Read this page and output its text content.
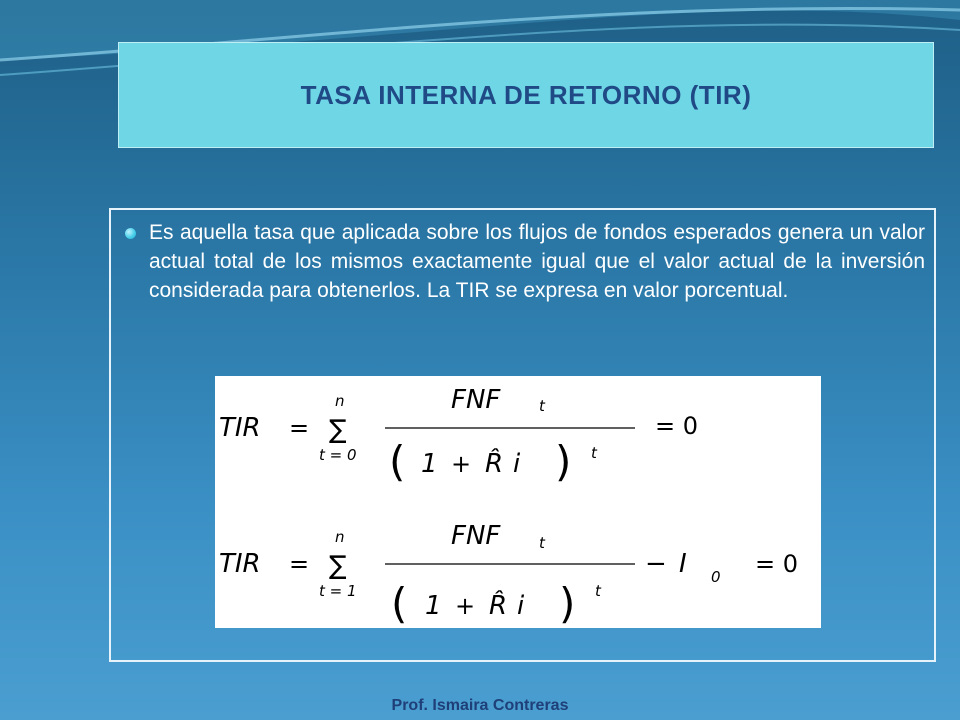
TASA INTERNA DE RETORNO (TIR)
Es aquella tasa que aplicada sobre los flujos de fondos esperados genera un valor actual total de los mismos exactamente igual que el valor actual de la inversión considerada para obtenerlos. La TIR se expresa en valor porcentual.
TIR =
n
∑
t = 0
FNF	t
( 1 + R̂ i ) t
= 0
TIR =
n
∑
t = 1
FNF	t
( 1 + R̂ i ) t
− I 0 = 0
Prof. Ismaira Contreras
